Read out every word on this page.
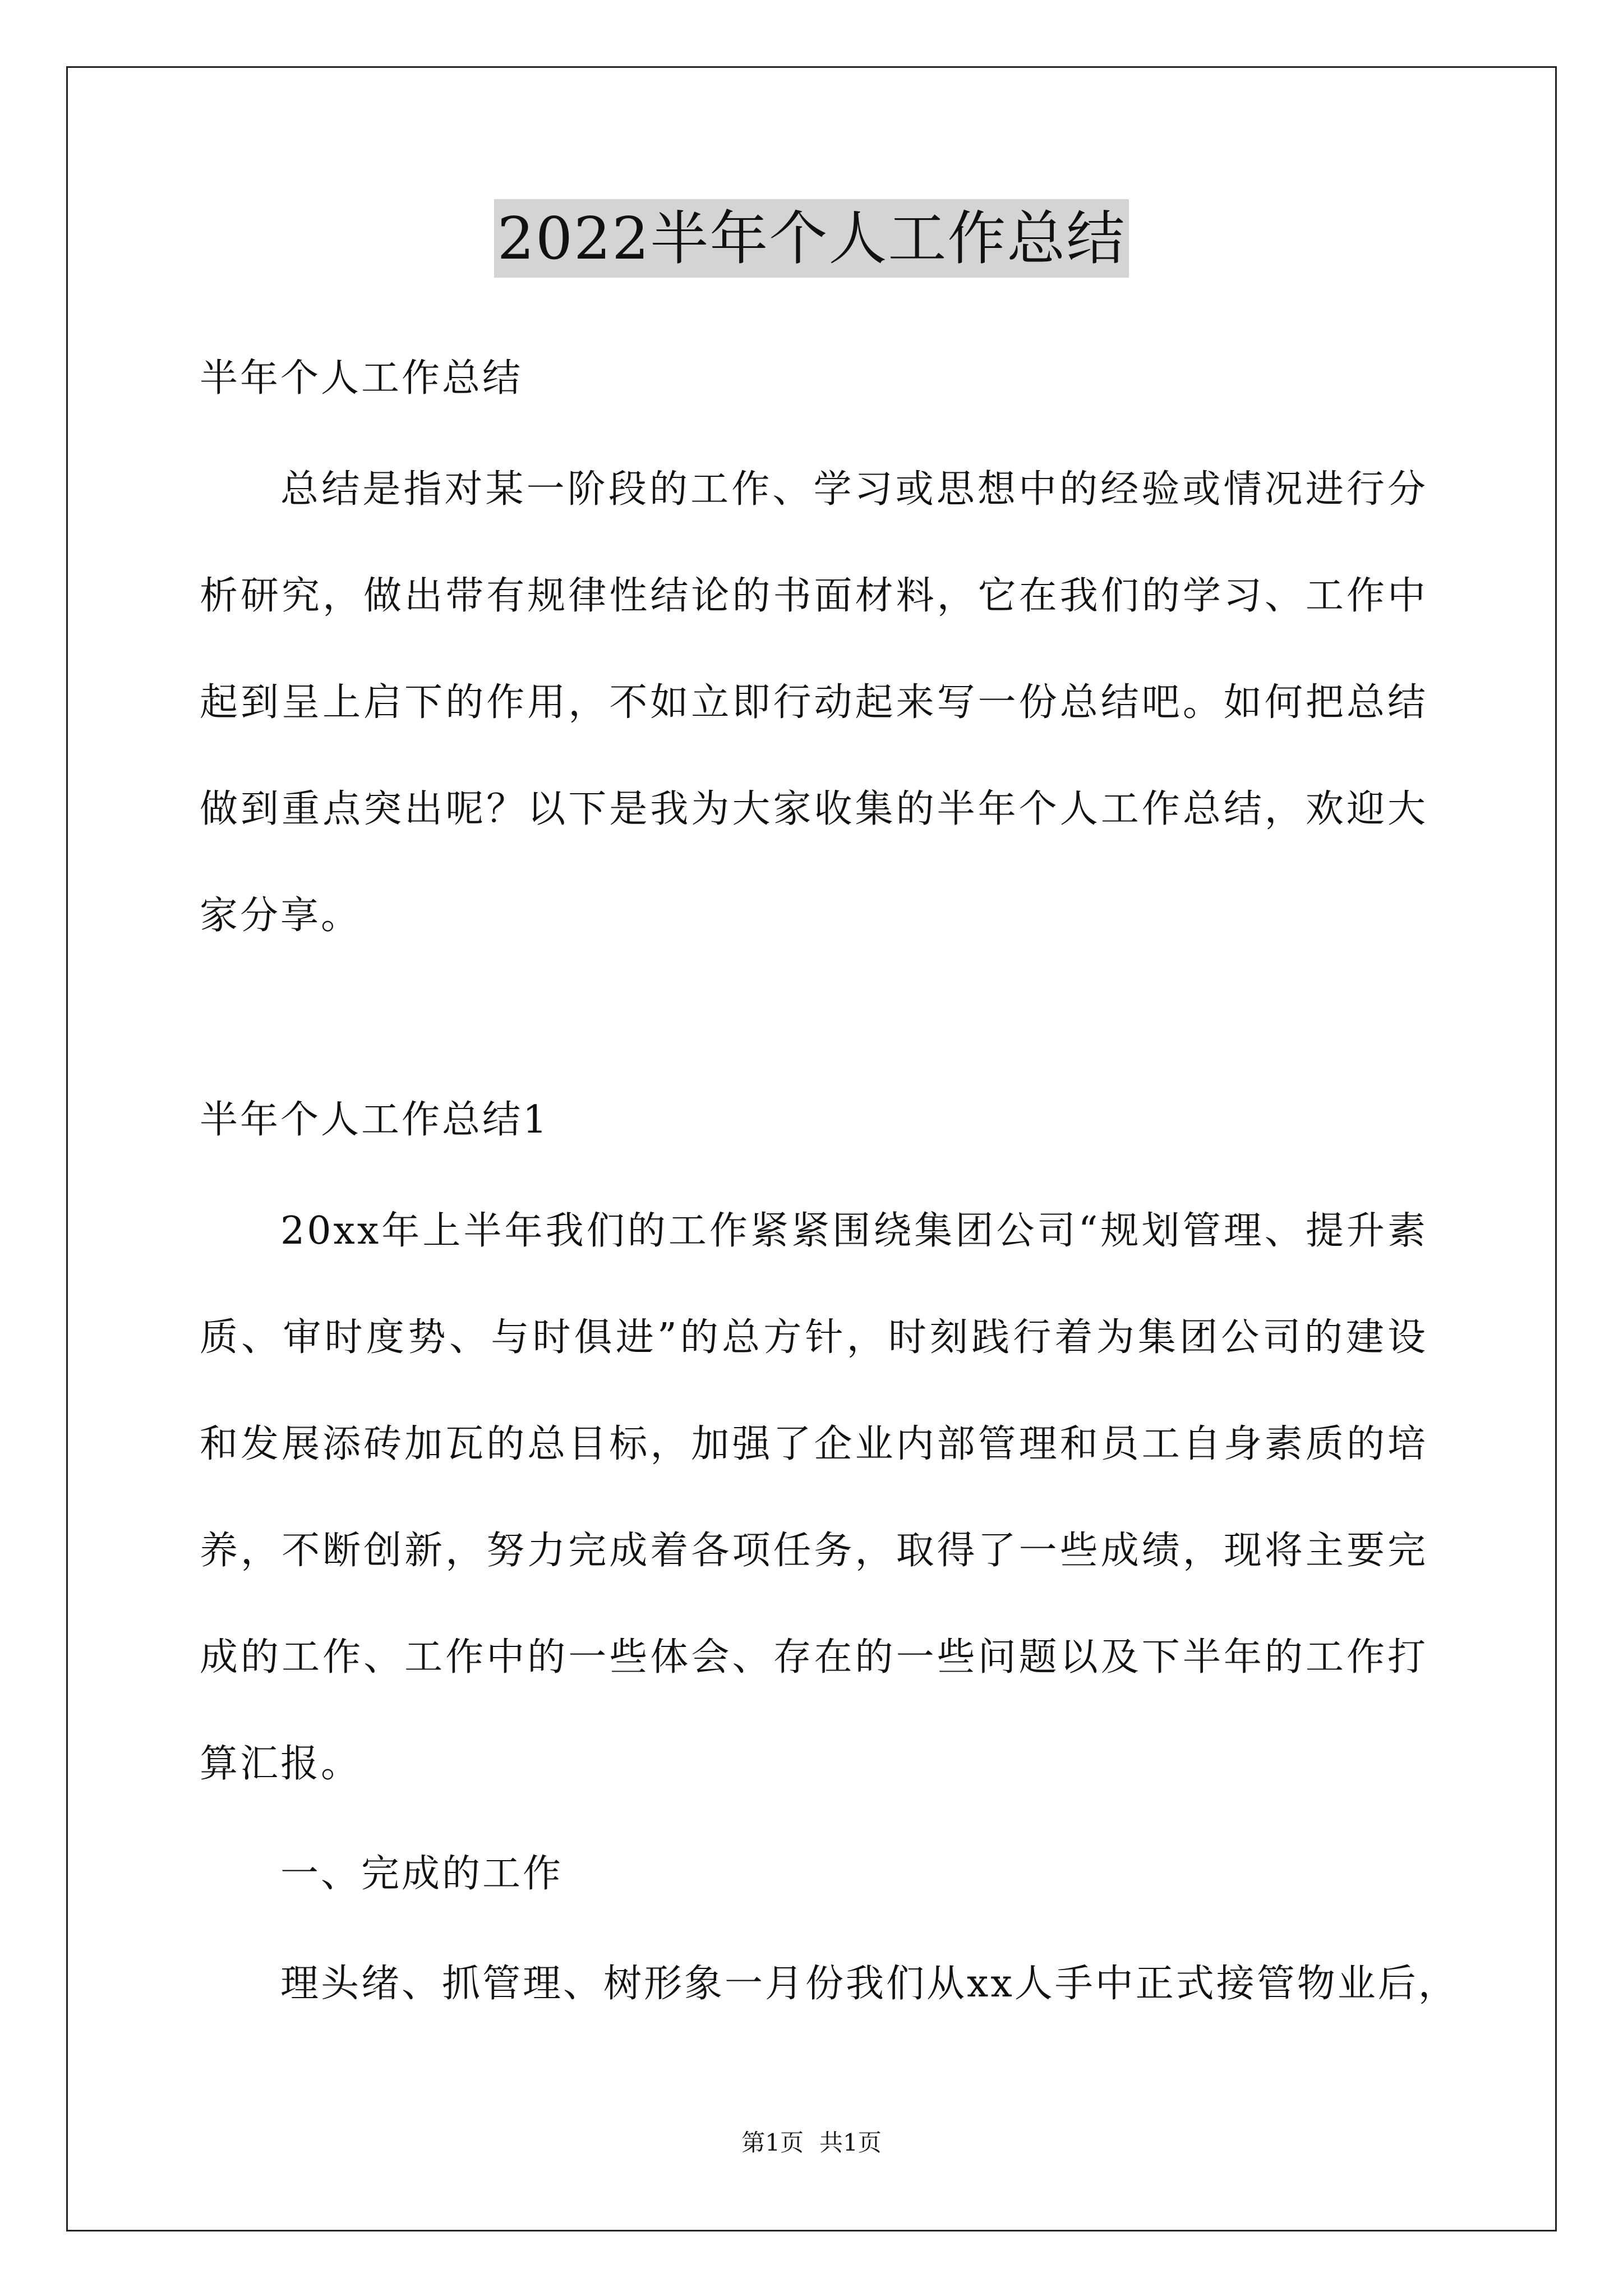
2022半年个人工作总结
半年个人工作总结
总结是指对某一阶段的工作、学习或思想中的经验或情况进行分
析研究，做出带有规律性结论的书面材料，它在我们的学习、工作中
起到呈上启下的作用，不如立即行动起来写一份总结吧。如何把总结
做到重点突出呢？以下是我为大家收集的半年个人工作总结，欢迎大
家分享。
半年个人工作总结1
20xx年上半年我们的工作紧紧围绕集团公司“规划管理、提升素
质、审时度势、与时俱进”的总方针，时刻践行着为集团公司的建设
和发展添砖加瓦的总目标，加强了企业内部管理和员工自身素质的培
养，不断创新，努力完成着各项任务，取得了一些成绩，现将主要完
成的工作、工作中的一些体会、存在的一些问题以及下半年的工作打
算汇报。
一、完成的工作
理头绪、抓管理、树形象一月份我们从xx人手中正式接管物业后，
第1页 共1页
